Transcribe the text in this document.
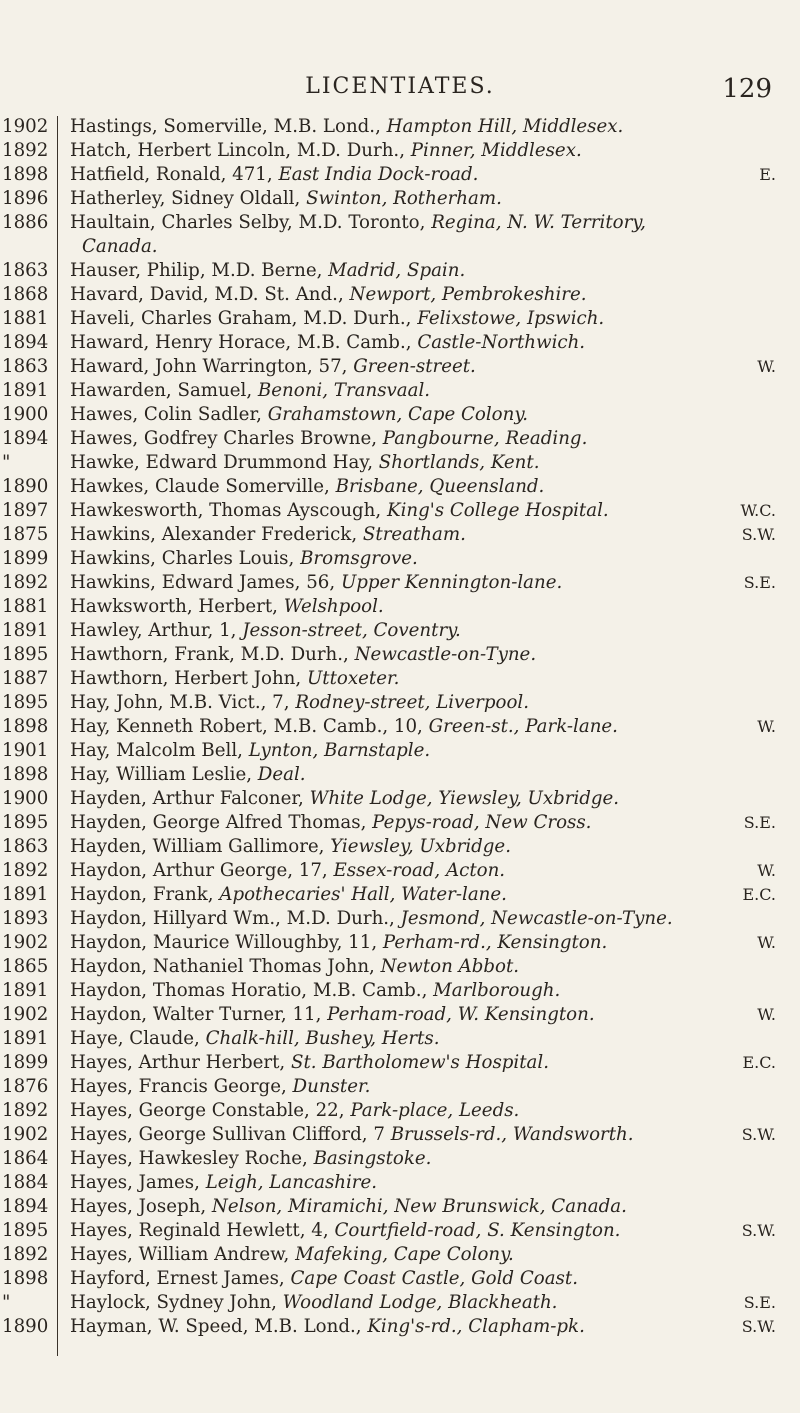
LICENTIATES.	129
1902 Hastings, Somerville, M.B. Lond., Hampton Hill, Middlesex.
1892 Hatch, Herbert Lincoln, M.D. Durh., Pinner, Middlesex.
1898 Hatfield, Ronald, 471, East India Dock-road.	E.
1896 Hatherley, Sidney Oldall, Swinton, Rotherham.
1886 Haultain, Charles Selby, M.D. Toronto, Regina, N. W. Territory,
Canada.
1863 Hauser, Philip, M.D. Berne, Madrid, Spain.
1868 Havard, David, M.D. St. And., Newport, Pembrokeshire.
1881 Haveli, Charles Graham, M.D. Durh., Felixstowe, Ipswich.
1894 Haward, Henry Horace, M.B. Camb., Castle-Northwich.
1863 Haward, John Warrington, 57, Green-street.	W.
1891 Hawarden, Samuel, Benoni, Transvaal.
1900 Hawes, Colin Sadler, Grahamstown, Cape Colony.
1894 Hawes, Godfrey Charles Browne, Pangbourne, Reading.
"	Hawke, Edward Drummond Hay, Shortlands, Kent.
1890 Hawkes, Claude Somerville, Brisbane, Queensland.
1897 Hawkesworth, Thomas Ayscough, King's College Hospital.	W.C.
1875 Hawkins, Alexander Frederick, Streatham.	S.W.
1899 Hawkins, Charles Louis, Bromsgrove.
1892 Hawkins, Edward James, 56, Upper Kennington-lane.	S.E.
1881 Hawksworth, Herbert, Welshpool.
1891 Hawley, Arthur, 1, Jesson-street, Coventry.
1895 Hawthorn, Frank, M.D. Durh., Newcastle-on-Tyne.
1887 Hawthorn, Herbert John, Uttoxeter.
1895 Hay, John, M.B. Vict., 7, Rodney-street, Liverpool.
1898 Hay, Kenneth Robert, M.B. Camb., 10, Green-st., Park-lane.	W.
1901 Hay, Malcolm Bell, Lynton, Barnstaple.
1898 Hay, William Leslie, Deal.
1900 Hayden, Arthur Falconer, White Lodge, Yiewsley, Uxbridge.
1895 Hayden, George Alfred Thomas, Pepys-road, New Cross.	S.E.
1863 Hayden, William Gallimore, Yiewsley, Uxbridge.
1892 Haydon, Arthur George, 17, Essex-road, Acton.	W.
1891 Haydon, Frank, Apothecaries' Hall, Water-lane.	E.C.
1893 Haydon, Hillyard Wm., M.D. Durh., Jesmond, Newcastle-on-Tyne.
1902 Haydon, Maurice Willoughby, 11, Perham-rd., Kensington.	W.
1865 Haydon, Nathaniel Thomas John, Newton Abbot.
1891 Haydon, Thomas Horatio, M.B. Camb., Marlborough.
1902 Haydon, Walter Turner, 11, Perham-road, W. Kensington.	W.
1891 Haye, Claude, Chalk-hill, Bushey, Herts.
1899 Hayes, Arthur Herbert, St. Bartholomew's Hospital.	E.C.
1876 Hayes, Francis George, Dunster.
1892 Hayes, George Constable, 22, Park-place, Leeds.
1902 Hayes, George Sullivan Clifford, 7 Brussels-rd., Wandsworth.	S.W.
1864 Hayes, Hawkesley Roche, Basingstoke.
1884 Hayes, James, Leigh, Lancashire.
1894 Hayes, Joseph, Nelson, Miramichi, New Brunswick, Canada.
1895 Hayes, Reginald Hewlett, 4, Courtfield-road, S. Kensington.	S.W.
1892 Hayes, William Andrew, Mafeking, Cape Colony.
1898 Hayford, Ernest James, Cape Coast Castle, Gold Coast.
"	Haylock, Sydney John, Woodland Lodge, Blackheath.	S.E.
1890 Hayman, W. Speed, M.B. Lond., King's-rd., Clapham-pk.	S.W.
